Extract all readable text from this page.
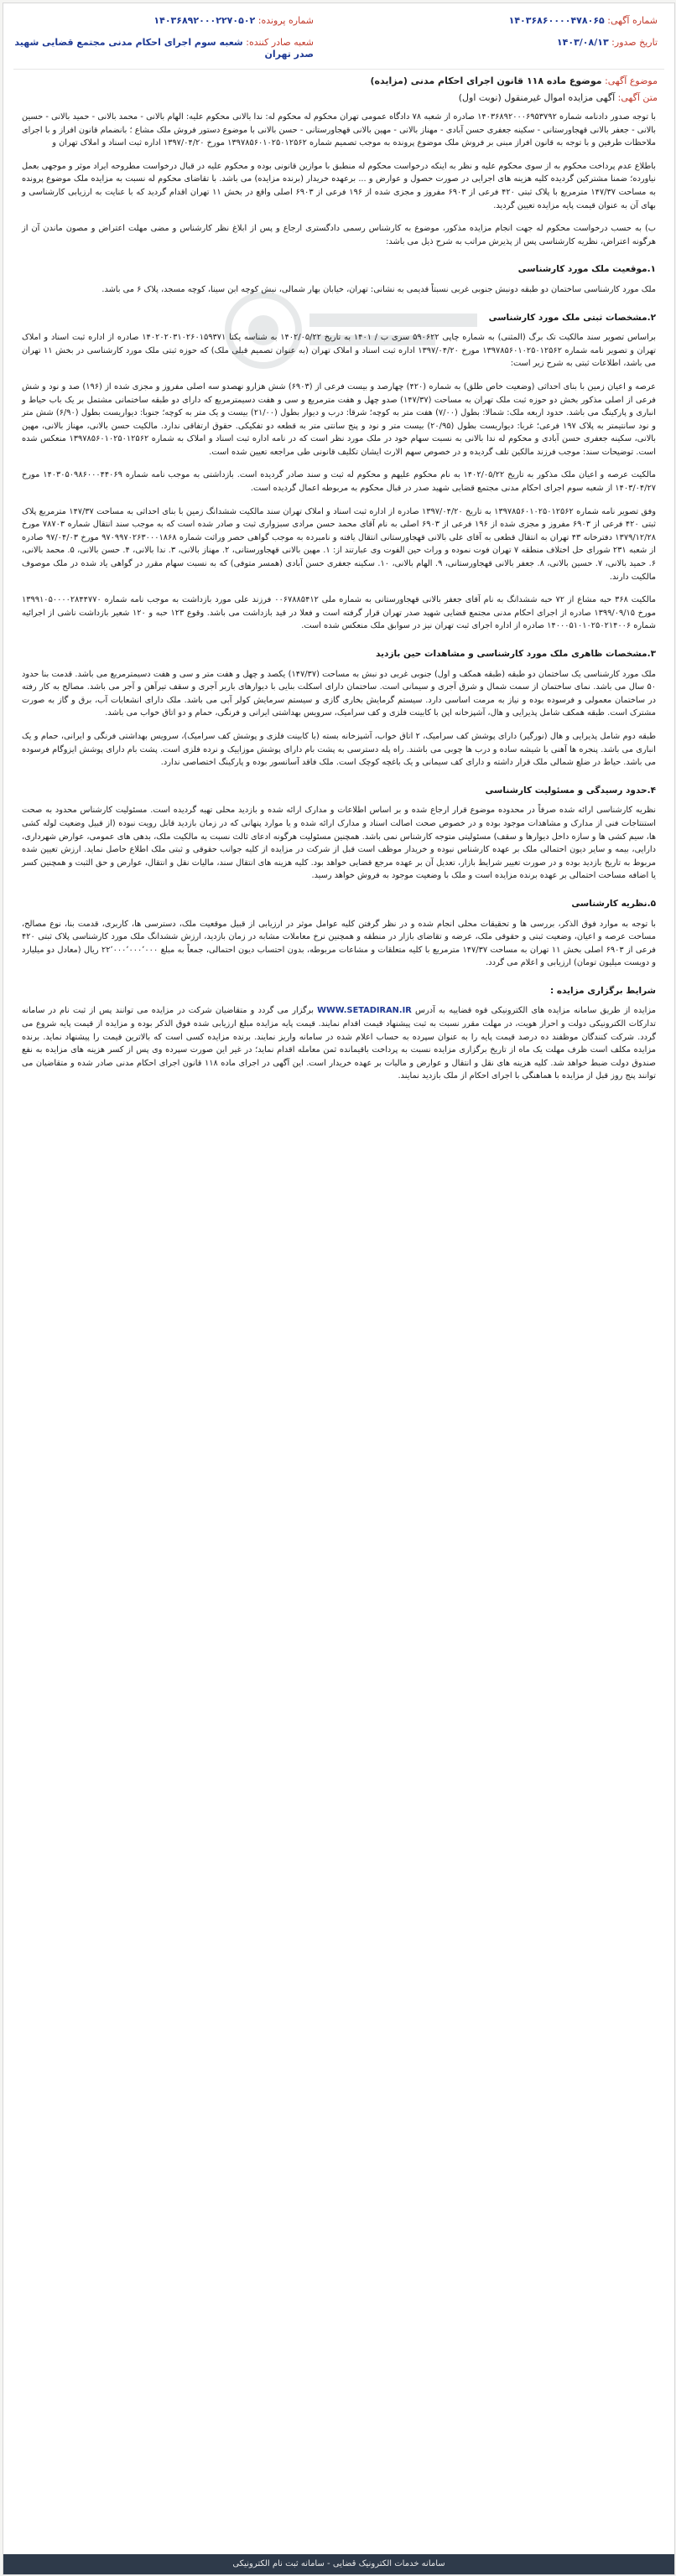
شماره آگهی: ۱۴۰۳۶۸۶۰۰۰۰۴۷۸۰۶۵
شماره پرونده: ۱۴۰۳۶۸۹۲۰۰۰۲۲۷۰۵۰۲
تاریخ صدور: ۱۴۰۳/۰۸/۱۳
شعبه صادر کننده: شعبه سوم اجرای احکام مدنی مجتمع قضایی شهید صدر تهران
موضوع آگهی: موضوع ماده ۱۱۸ قانون اجرای احکام مدنی (مزایده)
متن آگهی: آگهی مزایده اموال غیرمنقول (نوبت اول)

با توجه صدور دادنامه شماره ۱۴۰۳۶۸۹۲۰۰۰۶۹۵۳۷۹۲ صادره از شعبه ۷۸ دادگاه عمومی تهران محکوم له محکوم له: ندا بالانی محکوم علیه: الهام بالانی - محمد بالانی - حمید بالانی - حسین بالانی - جعفر بالانی قهجاورستانی - سکینه جعفری حسن آبادی - مهناز بالانی - مهین بالانی قهجاورستانی - حسن بالانی با موضوع دستور فروش ملک مشاع ؛ بانضمام قانون افراز و با اجرای ملاحظات طرفین و با توجه به قانون افراز مبنی بر فروش ملک موضوع پرونده به موجب تصمیم شماره ۱۳۹۷۸۵۶۰۱۰۲۵۰۱۲۵۶۲ مورخ ۱۳۹۷/۰۴/۲۰ اداره ثبت اسناد و املاک تهران و

باطلاع عدم پرداخت محکوم به از سوی محکوم علیه و نظر به اینکه درخواست محکوم له منطبق با موازین قانونی بوده و محکوم علیه در قبال درخواست مطروحه ایراد موثر و موجهی بعمل نیاورده؛ ضمنا مشترکین گردیده کلیه هزینه های اجرایی در صورت حصول و عوارض و ... برعهده خریدار (برنده مزایده) می باشد. با تقاضای محکوم له نسبت به مزایده ملک موضوع پرونده به مساحت ۱۴۷/۳۷ مترمربع با پلاک ثبتی ۴۲۰ فرعی از ۶۹۰۳ مفروز و مجزی شده از ۱۹۶ فرعی از ۶۹۰۳ اصلی واقع در بخش ۱۱ تهران اقدام گردید که با عنایت به ارزیابی کارشناسی و بهای آن به عنوان قیمت پایه مزایده تعیین گردید.

ب) به حسب درخواست محکوم له جهت انجام مزایده مذکور، موضوع به کارشناس رسمی دادگستری ارجاع و پس از ابلاغ نظر کارشناس و مضی مهلت اعتراض و مصون ماندن آن از هرگونه اعتراض، نظریه کارشناسی پس از پذیرش مراتب به شرح ذیل می باشد:

۱.موقعیت ملک مورد کارشناسی

ملک مورد کارشناسی ساختمان دو طبقه دونبش جنوبی غربی نسبتاً قدیمی به نشانی: تهران، خیابان بهار شمالی، نبش کوچه ابن سینا، کوچه مسجد، پلاک ۶ می باشد.

۲.مشخصات ثبتی ملک مورد کارشناسی

براساس تصویر سند مالکیت تک برگ (المثنی) به شماره چاپی ۵۹۰۶۲۲ سری ب / ۱۴۰۱ به تاریخ ۱۴۰۲/۰۵/۲۲ به شناسه یکتا ۱۴۰۲۰۲۰۳۱۰۲۶۰۱۵۹۳۷۱ صادره از اداره ثبت اسناد و املاک تهران و تصویر نامه شماره ۱۳۹۷۸۵۶۰۱۰۲۵۰۱۲۵۶۲ مورخ ۱۳۹۷/۰۴/۲۰ اداره ثبت اسناد و املاک تهران (به عنوان تصمیم قبلی ملک) که حوزه ثبتی ملک مورد کارشناسی در بخش ۱۱ تهران می باشد، اطلاعات ثبتی به شرح زیر است:

عرصه و اعیان زمین با بنای احداثی (وضعیت خاص طلق) به شماره (۴۲۰) چهارصد و بیست فرعی از (۶۹۰۳) شش هزارو نهصدو سه اصلی مفروز و مجزی شده از (۱۹۶) صد و نود و شش فرعی از اصلی مذکور بخش دو حوزه ثبت ملک تهران به مساحت (۱۴۷/۳۷) صدو چهل و هفت مترمربع و سی و هفت دسیمترمربع که دارای دو طبقه ساختمانی مشتمل بر یک باب حیاط و انباری و پارکینگ می باشد. حدود اربعه ملک: شمالا: بطول (۷/۰۰) هفت متر به کوچه؛ شرقا: درب و دیوار بطول (۲۱/۰۰) بیست و یک متر به کوچه؛ جنوبا: دیواریست بطول (۶/۹۰) شش متر و نود سانتیمتر به پلاک ۱۹۷ فرعی؛ غربا: دیواریست بطول (۲۰/۹۵) بیست متر و نود و پنج سانتی متر به قطعه دو تفکیکی. حقوق ارتفاقی ندارد. مالکیت حسن بالانی، مهناز بالانی، مهین بالانی، سکینه جعفری حسن آبادی و محکوم له ندا بالانی به نسبت سهام خود در ملک مورد نظر است که در نامه اداره ثبت اسناد و املاک به شماره ۱۳۹۷۸۵۶۰۱۰۲۵۰۱۲۵۶۲ منعکس شده است. توضیحات سند: موجب فرزند مالکین تلف گردیده و در خصوص سهم الارث ایشان تکلیف قانونی طی مراجعه تعیین شده است.

مالکیت عرصه و اعیان ملک مذکور به تاریخ ۱۴۰۲/۰۵/۲۲ به نام محکوم علیهم و محکوم له ثبت و سند صادر گردیده است. بازداشتی به موجب نامه شماره ۱۴۰۳۰۵۰۹۸۶۰۰۰۴۴۰۶۹ مورخ ۱۴۰۳/۰۴/۲۷ از شعبه سوم اجرای احکام مدنی مجتمع قضایی شهید صدر در قبال محکوم به مربوطه اعمال گردیده است.

وفق تصویر نامه شماره ۱۳۹۷۸۵۶۰۱۰۲۵۰۱۲۵۶۲ به تاریخ ۱۳۹۷/۰۴/۲۰ صادره از اداره ثبت اسناد و املاک تهران سند مالکیت ششدانگ زمین با بنای احداثی به مساحت ۱۴۷/۳۷ مترمربع پلاک ثبتی ۴۲۰ فرعی از ۶۹۰۳ مفروز و مجزی شده از ۱۹۶ فرعی از ۶۹۰۳ اصلی به نام آقای محمد حسن مرادی سبزواری ثبت و صادر شده است که به موجب سند انتقال شماره ۷۸۷۰۳ مورخ ۱۳۷۹/۱۲/۲۸ دفترخانه ۴۳ تهران به انتقال قطعی به آقای علی بالانی قهجاورستانی انتقال یافته و نامبرده به موجب گواهی حصر وراثت شماره ۹۷۰۹۹۷۰۲۶۳۰۰۰۱۸۶۸ مورخ ۹۷/۰۴/۰۳ صادره از شعبه ۲۳۱ شورای حل اختلاف منطقه ۷ تهران فوت نموده و وراث حین الفوت وی عبارتند از: ۱. مهین بالانی قهجاورستانی، ۲. مهناز بالانی، ۳. ندا بالانی، ۴. حسن بالانی، ۵. محمد بالانی، ۶. حمید بالانی، ۷. حسین بالانی، ۸. جعفر بالانی قهجاورستانی، ۹. الهام بالانی، ۱۰. سکینه جعفری حسن آبادی (همسر متوفی) که به نسبت سهام مقرر در گواهی یاد شده در ملک موصوف مالکیت دارند.

مالکیت ۳۶۸ حبه مشاع از ۷۲ حبه ششدانگ به نام آقای جعفر بالانی قهجاورستانی به شماره ملی ۰۰۶۷۸۸۵۴۱۲ فرزند علی مورد بازداشت به موجب نامه شماره ۱۳۹۹۱۰۵۰۰۰۰۲۸۴۴۷۷۰ مورخ ۱۳۹۹/۰۹/۱۵ صادره از اجرای احکام مدنی مجتمع قضایی شهید صدر تهران قرار گرفته است و فعلا در قید بازداشت می باشد. وقوع ۱۲۳ حبه و ۱۲۰ شعیر بازداشت ناشی از اجرائیه شماره ۱۴۰۰۰۵۱۰۱۰۲۵۰۲۱۴۰۰۶ صادره از اداره اجرای ثبت تهران نیز در سوابق ملک منعکس شده است.

۳.مشخصات ظاهری ملک مورد کارشناسی و مشاهدات حین بازدید

ملک مورد کارشناسی یک ساختمان دو طبقه (طبقه همکف و اول) جنوبی غربی دو نبش به مساحت (۱۴۷/۳۷) یکصد و چهل و هفت متر و سی و هفت دسیمترمربع می باشد. قدمت بنا حدود ۵۰ سال می باشد. نمای ساختمان از سمت شمال و شرق آجری و سیمانی است. ساختمان دارای اسکلت بنایی با دیوارهای باربر آجری و سقف تیرآهن و آجر می باشد. مصالح به کار رفته در ساختمان معمولی و فرسوده بوده و نیاز به مرمت اساسی دارد. سیستم گرمایش بخاری گازی و سیستم سرمایش کولر آبی می باشد. ملک دارای انشعابات آب، برق و گاز به صورت مشترک است. طبقه همکف شامل پذیرایی و هال، آشپزخانه اپن با کابینت فلزی و کف سرامیک، سرویس بهداشتی ایرانی و فرنگی، حمام و دو اتاق خواب می باشد.

طبقه دوم شامل پذیرایی و هال (نورگیر) دارای پوشش کف سرامیک، ۲ اتاق خواب، آشپزخانه بسته (با کابینت فلزی و پوشش کف سرامیک)، سرویس بهداشتی فرنگی و ایرانی، حمام و یک انباری می باشد. پنجره ها آهنی با شیشه ساده و درب ها چوبی می باشند. راه پله دسترسی به پشت بام دارای پوشش موزاییک و نرده فلزی است. پشت بام دارای پوشش ایزوگام فرسوده می باشد. حیاط در ضلع شمالی ملک قرار داشته و دارای کف سیمانی و یک باغچه کوچک است. ملک فاقد آسانسور بوده و پارکینگ اختصاصی ندارد.

۴.حدود رسیدگی و مسئولیت کارشناسی

نظریه کارشناسی ارائه شده صرفاً در محدوده موضوع قرار ارجاع شده و بر اساس اطلاعات و مدارک ارائه شده و بازدید محلی تهیه گردیده است. مسئولیت کارشناس محدود به صحت استنتاجات فنی از مدارک و مشاهدات موجود بوده و در خصوص صحت اصالت اسناد و مدارک ارائه شده و یا موارد پنهانی که در زمان بازدید قابل رویت نبوده (از قبیل وضعیت لوله کشی ها، سیم کشی ها و سازه داخل دیوارها و سقف) مسئولیتی متوجه کارشناس نمی باشد. همچنین مسئولیت هرگونه ادعای ثالث نسبت به مالکیت ملک، بدهی های عمومی، عوارض شهرداری، دارایی، بیمه و سایر دیون احتمالی ملک بر عهده کارشناس نبوده و خریدار موظف است قبل از شرکت در مزایده از کلیه جوانب حقوقی و ثبتی ملک اطلاع حاصل نماید. ارزش تعیین شده مربوط به تاریخ بازدید بوده و در صورت تغییر شرایط بازار، تعدیل آن بر عهده مرجع قضایی خواهد بود. کلیه هزینه های انتقال سند، مالیات نقل و انتقال، عوارض و حق الثبت و همچنین کسر یا اضافه مساحت احتمالی بر عهده برنده مزایده است و ملک با وضعیت موجود به فروش خواهد رسید.

۵.نظریه کارشناسی

با توجه به موارد فوق الذکر، بررسی ها و تحقیقات محلی انجام شده و در نظر گرفتن کلیه عوامل موثر در ارزیابی از قبیل موقعیت ملک، دسترسی ها، کاربری، قدمت بنا، نوع مصالح، مساحت عرصه و اعیان، وضعیت ثبتی و حقوقی ملک، عرضه و تقاضای بازار در منطقه و همچنین نرخ معاملات مشابه در زمان بازدید، ارزش ششدانگ ملک مورد کارشناسی پلاک ثبتی ۴۲۰ فرعی از ۶۹۰۳ اصلی بخش ۱۱ تهران به مساحت ۱۴۷/۳۷ مترمربع با کلیه متعلقات و مشاعات مربوطه، بدون احتساب دیون احتمالی، جمعاً به مبلغ ۲۲٬۰۰۰٬۰۰۰٬۰۰۰ ریال (معادل دو میلیارد و دویست میلیون تومان) ارزیابی و اعلام می گردد.

شرایط برگزاری مزایده :

مزایده از طریق سامانه مزایده های الکترونیکی قوه قضاییه به آدرس WWW.SETADIRAN.IR برگزار می گردد و متقاضیان شرکت در مزایده می توانند پس از ثبت نام در سامانه تدارکات الکترونیکی دولت و احراز هویت، در مهلت مقرر نسبت به ثبت پیشنهاد قیمت اقدام نمایند. قیمت پایه مزایده مبلغ ارزیابی شده فوق الذکر بوده و مزایده از قیمت پایه شروع می گردد. شرکت کنندگان موظفند ده درصد قیمت پایه را به عنوان سپرده به حساب اعلام شده در سامانه واریز نمایند. برنده مزایده کسی است که بالاترین قیمت را پیشنهاد نماید. برنده مزایده مکلف است ظرف مهلت یک ماه از تاریخ برگزاری مزایده نسبت به پرداخت باقیمانده ثمن معامله اقدام نماید؛ در غیر این صورت سپرده وی پس از کسر هزینه های مزایده به نفع صندوق دولت ضبط خواهد شد. کلیه هزینه های نقل و انتقال و عوارض و مالیات بر عهده خریدار است. این آگهی در اجرای ماده ۱۱۸ قانون اجرای احکام مدنی صادر شده و متقاضیان می توانند پنج روز قبل از مزایده با هماهنگی با اجرای احکام از ملک بازدید نمایند.

سامانه خدمات الکترونیک قضایی - سامانه ثبت نام الکترونیکی
